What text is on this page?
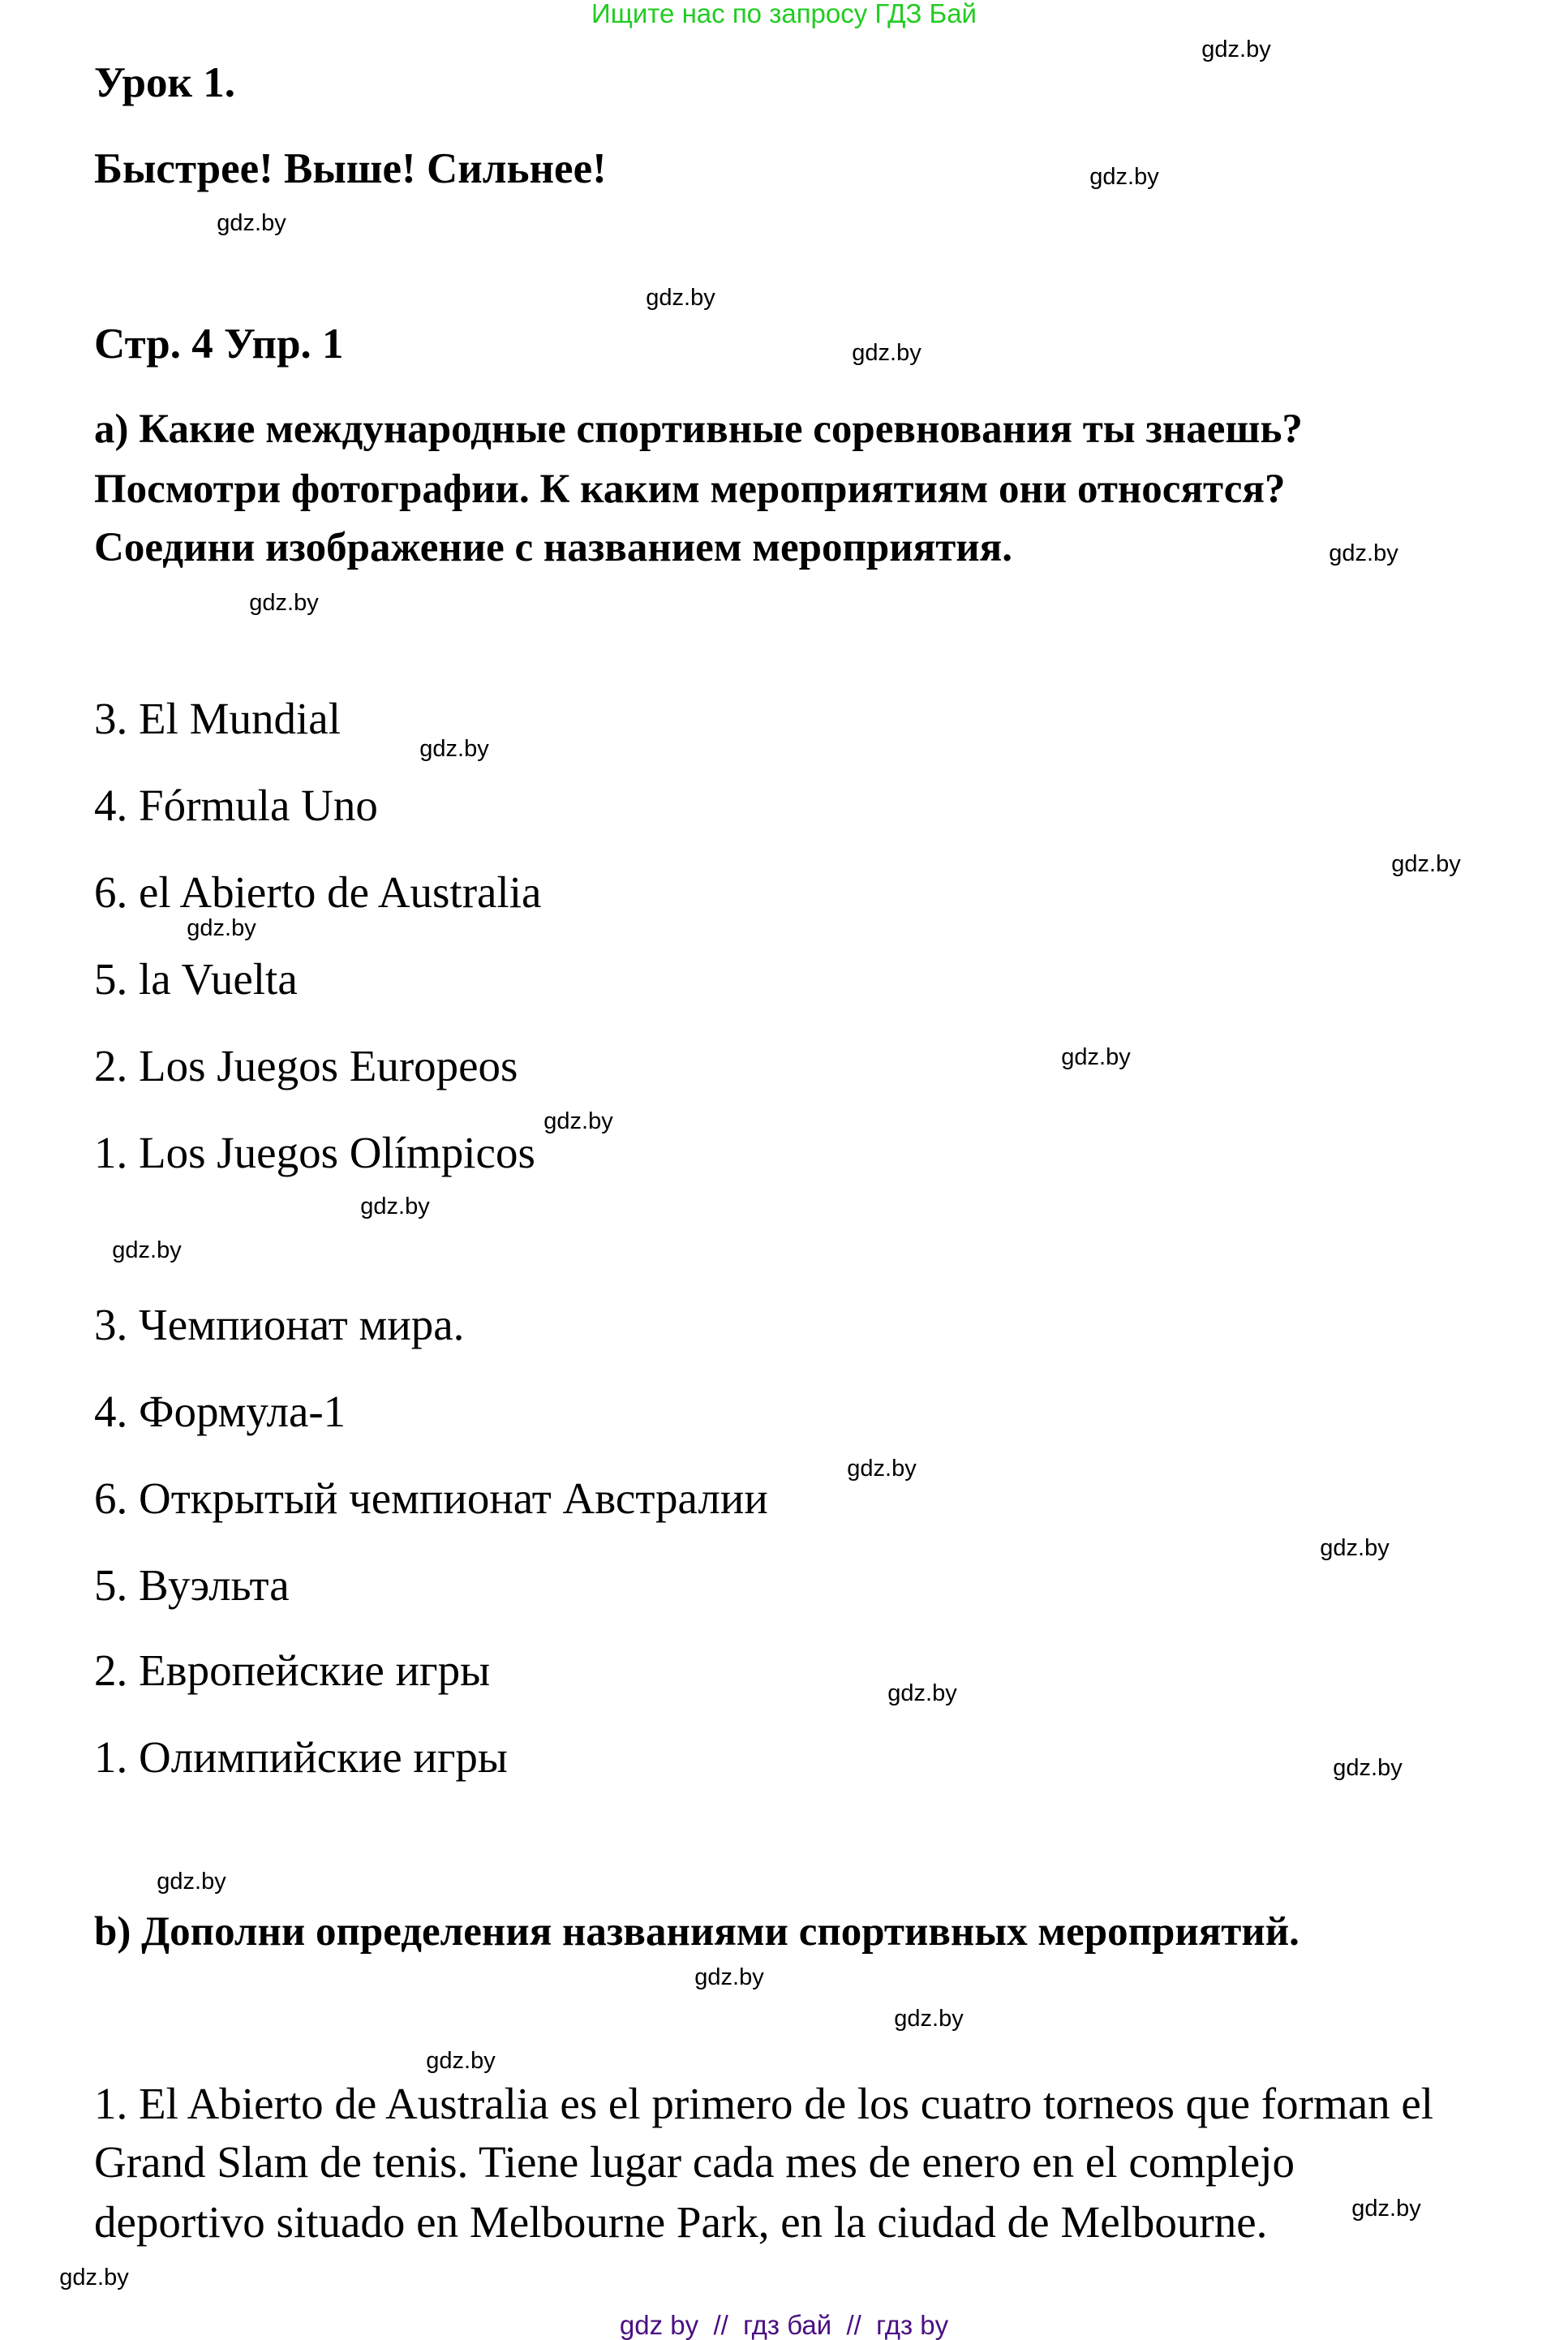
Ищите нас по запросу ГДЗ Бай
Урок 1.
Быстрее! Выше! Сильнее!
Стр. 4 Упр. 1
а) Какие международные спортивные соревнования ты знаешь?
Посмотри фотографии. К каким мероприятиям они относятся?
Соедини изображение с названием мероприятия.
3. El Mundial
4. Fórmula Uno
6. el Abierto de Australia
5. la Vuelta
2. Los Juegos Europeos
1. Los Juegos Olímpicos
3. Чемпионат мира.
4. Формула-1
6. Открытый чемпионат Австралии
5. Вуэльта
2. Европейские игры
1. Олимпийские игры
b) Дополни определения названиями спортивных мероприятий.
1. El Abierto de Australia es el primero de los cuatro torneos que forman el
Grand Slam de tenis. Tiene lugar cada mes de enero en el complejo
deportivo situado en Melbourne Park, en la ciudad de Melbourne.
gdz.by
gdz.by
gdz.by
gdz.by
gdz.by
gdz.by
gdz.by
gdz.by
gdz.by
gdz.by
gdz.by
gdz.by
gdz.by
gdz.by
gdz.by
gdz.by
gdz.by
gdz.by
gdz.by
gdz.by
gdz.by
gdz.by
gdz.by
gdz.by
gdz by  //  гдз бай  //  гдз by
